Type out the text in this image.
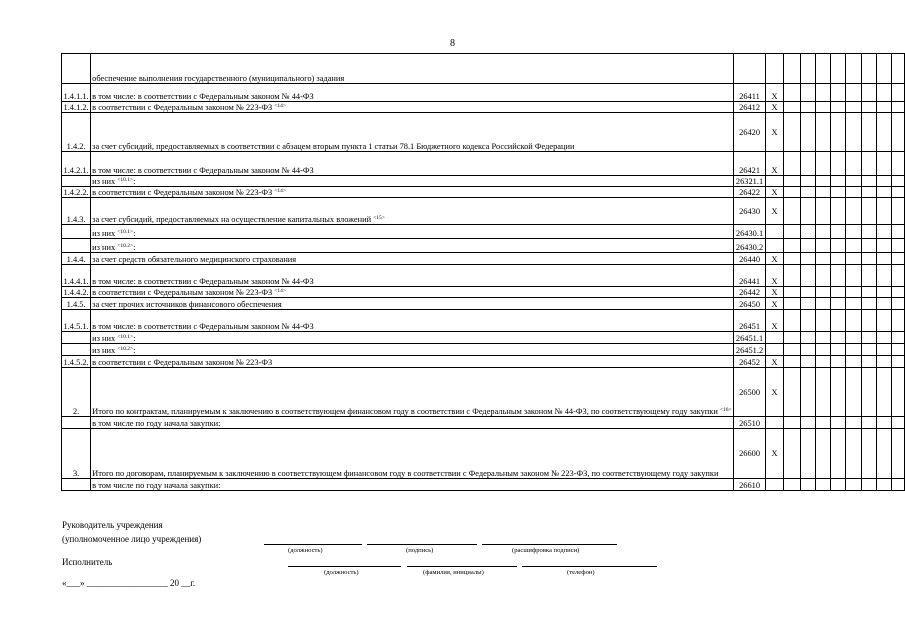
8
	обеспечение выполнения государственного (муниципального) задания										
1.4.1.1.	в том числе: в соответствии с Федеральным законом № 44-ФЗ	26411	X								
1.4.1.2.	в соответствии с Федеральным законом № 223-ФЗ $^{<14>}$	26412	X								
1.4.2.	за счет субсидий, предоставляемых в соответствии с абзацем вторым пункта 1 статьи 78.1 Бюджетного кодекса Российской Федерации	26420	X								
1.4.2.1.	в том числе: в соответствии с Федеральным законом № 44-ФЗ	26421	X								
	из них $^{<10.1>}$:	26321.1									
1.4.2.2.	в соответствии с Федеральным законом № 223-ФЗ $^{<14>}$	26422	X								
1.4.3.	за счет субсидий, предоставляемых на осуществление капитальных вложений $^{<15>}$	26430	X								
	из них $^{<10.1>}$:	26430.1									
	из них $^{<10.2>}$:	26430.2									
1.4.4.	за счет средств обязательного медицинского страхования	26440	X								
1.4.4.1.	в том числе: в соответствии с Федеральным законом № 44-ФЗ	26441	X								
1.4.4.2.	в соответствии с Федеральным законом № 223-ФЗ $^{<14>}$	26442	X								
1.4.5.	за счет прочих источников финансового обеспечения	26450	X								
1.4.5.1.	в том числе: в соответствии с Федеральным законом № 44-ФЗ	26451	X								
	из них $^{<10.1>}$:	26451.1									
	из них $^{<10.2>}$:	26451.2									
1.4.5.2.	в соответствии с Федеральным законом № 223-ФЗ	26452	X								
2.	Итого по контрактам, планируемым к заключению в соответствующем финансовом году в соответствии с Федеральным законом № 44-ФЗ, по соответствующему году закупки $^{<16>}$	26500	X								
	в том числе по году начала закупки:	26510									
3.	Итого по договорам, планируемым к заключению в соответствующем финансовом году в соответствии с Федеральным законом № 223-ФЗ, по соответствующему году закупки	26600	X								
	в том числе по году начала закупки:	26610									
Руководитель учреждения
(уполномоченное лицо учреждения)
(должность)	(подпись)	(расшифровка подписи)
Исполнитель
(должность)	(фамилия, инициалы)	(телефон)
«___» __________________ 20 __г.
